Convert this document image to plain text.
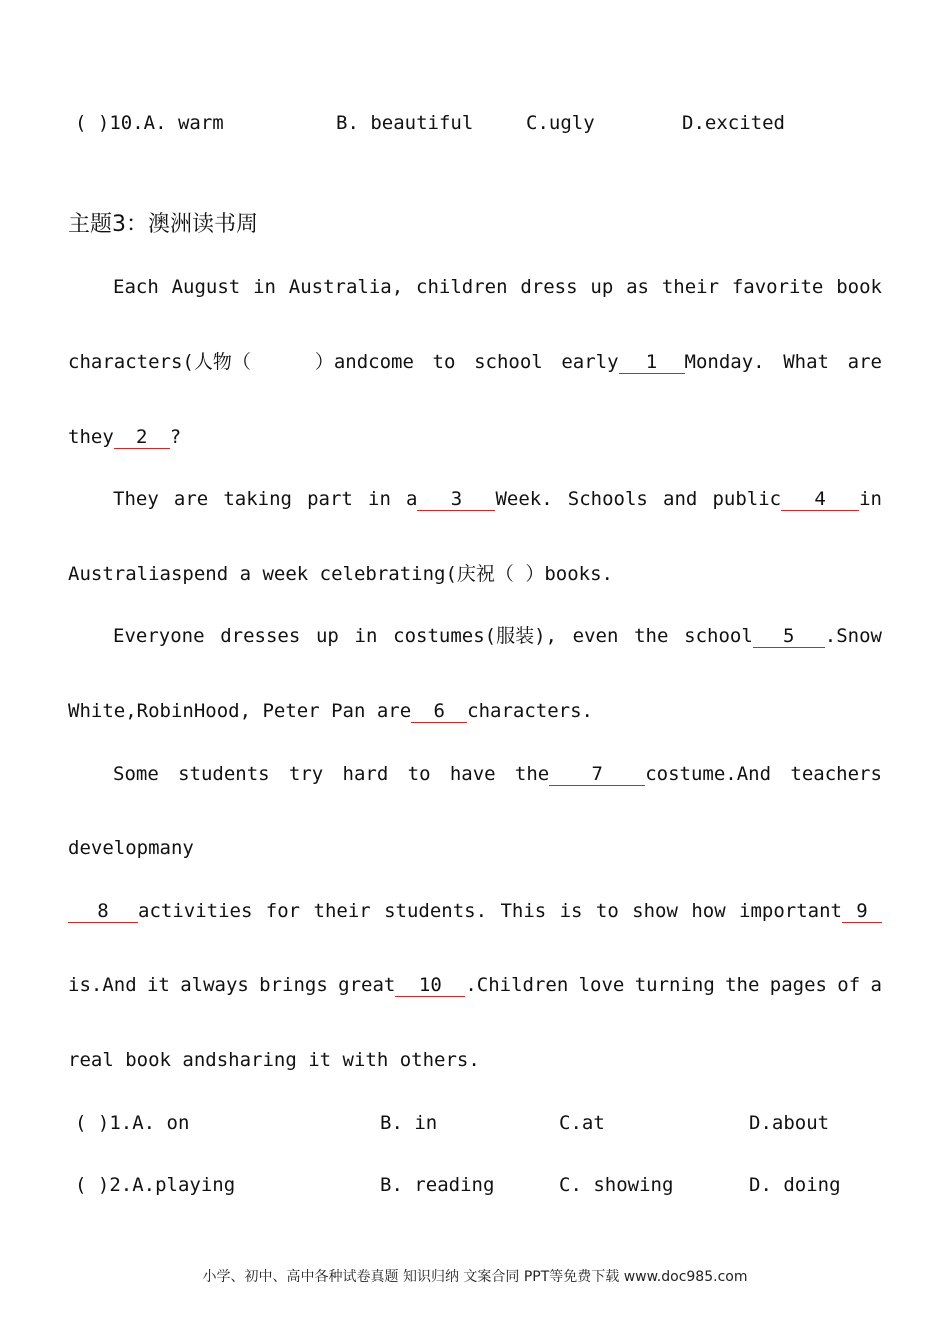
( )10.A. warm	B. beautiful	C.ugly	D.excited
主题3：澳洲读书周
Each August in Australia, children dress up as their favorite book
characters(人物（	）andcome to school early 1 Monday. What are
they 2 ?
They are taking part in a 3 Week. Schools and public 4 in
Australiaspend a week celebrating(庆祝（ ）books.
Everyone dresses up in costumes(服装), even the school 5 .Snow
White,RobinHood, Peter Pan are 6 characters.
Some students try hard to have the 7 costume.And teachers
developmany
8 activities for their students. This is to show how important 9
is.And it always brings great 10 .Children love turning the pages of a
real book andsharing it with others.
( )1.A. on	B. in	C.at	D.about
( )2.A.playing	B. reading	C. showing	D. doing
小学、初中、高中各种试卷真题 知识归纳 文案合同 PPT等免费下载 www.doc985.com
